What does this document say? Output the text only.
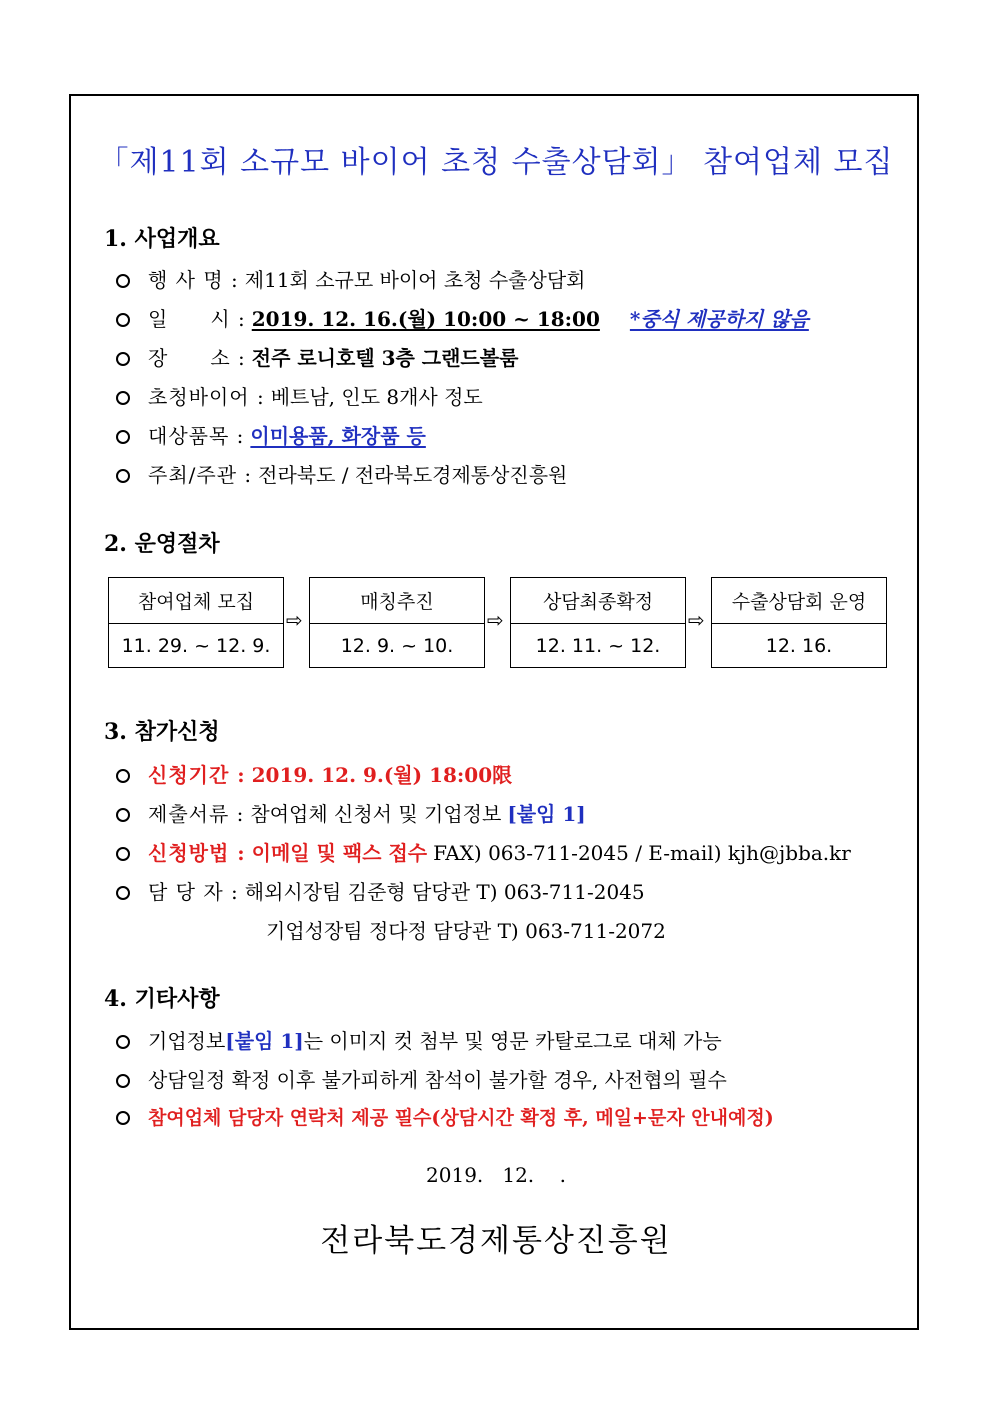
「제11회 소규모 바이어 초청 수출상담회」 참여업체 모집
1. 사업개요
행 사 명 : 제11회 소규모 바이어 초청 수출상담회
일　　시 : 2019. 12. 16.(월) 10:00 ~ 18:00 *중식 제공하지 않음
장　　소 : 전주 로니호텔 3층 그랜드볼룸
초청바이어 : 베트남, 인도 8개사 정도
대상품목 : 이미용품, 화장품 등
주최/주관 : 전라북도 / 전라북도경제통상진흥원
2. 운영절차
참여업체 모집
11. 29. ~ 12. 9.
⇨
매칭추진
12. 9. ~ 10.
⇨
상담최종확정
12. 11. ~ 12.
⇨
수출상담회 운영
12. 16.
3. 참가신청
신청기간 : 2019. 12. 9.(월) 18:00限
제출서류 : 참여업체 신청서 및 기업정보 [붙임 1]
신청방법 : 이메일 및 팩스 접수 FAX) 063-711-2045 / E-mail) kjh@jbba.kr
담 당 자 : 해외시장팀 김준형 담당관 T) 063-711-2045
기업성장팀 정다정 담당관 T) 063-711-2072
4. 기타사항
기업정보 [붙임 1] 는 이미지 컷 첨부 및 영문 카탈로그로 대체 가능
상담일정 확정 이후 불가피하게 참석이 불가할 경우, 사전협의 필수
참여업체 담당자 연락처 제공 필수(상담시간 확정 후, 메일+문자 안내예정)
2019.   12.    .
전라북도경제통상진흥원
